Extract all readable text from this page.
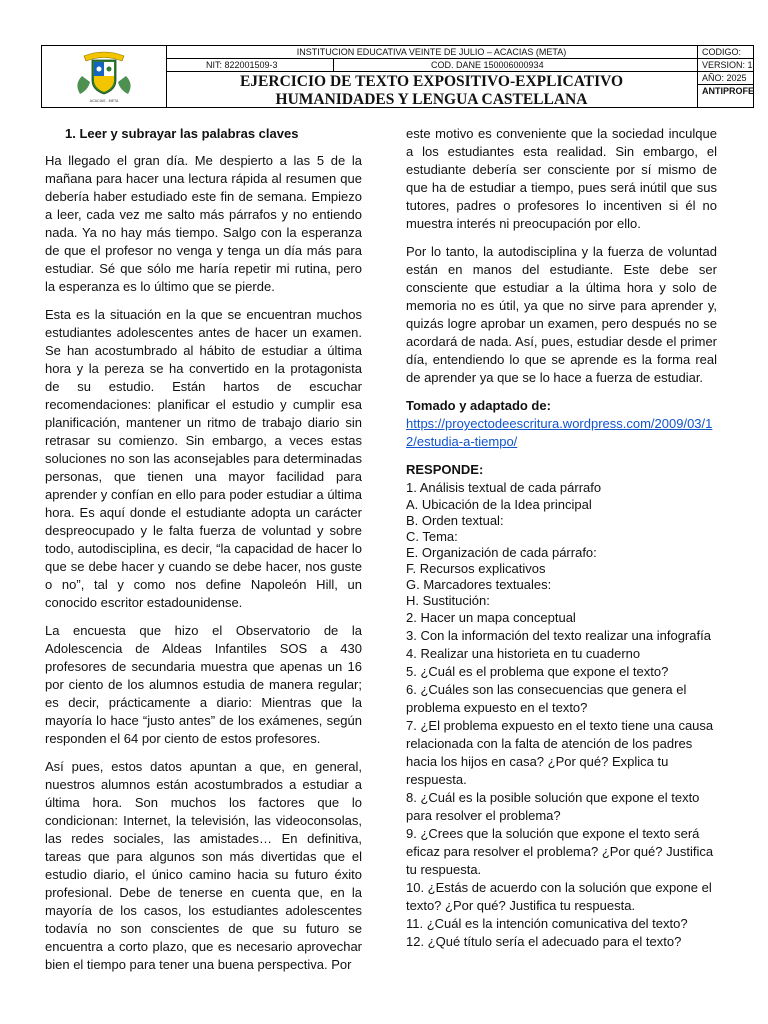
ACACIAS - META
INSTITUCION EDUCATIVA VEINTE DE JULIO – ACACIAS (META)
NIT: 822001509-3	COD. DANE 150006000934
EJERCICIO DE TEXTO EXPOSITIVO-EXPLICATIVO
HUMANIDADES Y LENGUA CASTELLANA
CODIGO:
VERSION: 1
AÑO: 2025
ANTIPROFE
1. Leer y subrayar las palabras claves

Ha llegado el gran día. Me despierto a las 5 de la mañana para hacer una lectura rápida al resumen que debería haber estudiado este fin de semana. Empiezo a leer, cada vez me salto más párrafos y no entiendo nada. Ya no hay más tiempo. Salgo con la esperanza de que el profesor no venga y tenga un día más para estudiar. Sé que sólo me haría repetir mi rutina, pero la esperanza es lo último que se pierde.

Esta es la situación en la que se encuentran muchos estudiantes adolescentes antes de hacer un examen. Se han acostumbrado al hábito de estudiar a última hora y la pereza se ha convertido en la protagonista de su estudio. Están hartos de escuchar recomendaciones: planificar el estudio y cumplir esa planificación, mantener un ritmo de trabajo diario sin retrasar su comienzo. Sin embargo, a veces estas soluciones no son las aconsejables para determinadas personas, que tienen una mayor facilidad para aprender y confían en ello para poder estudiar a última hora. Es aquí donde el estudiante adopta un carácter despreocupado y le falta fuerza de voluntad y sobre todo, autodisciplina, es decir, “la capacidad de hacer lo que se debe hacer y cuando se debe hacer, nos guste o no”, tal y como nos define Napoleón Hill, un conocido escritor estadounidense.

La encuesta que hizo el Observatorio de la Adolescencia de Aldeas Infantiles SOS a 430 profesores de secundaria muestra que apenas un 16 por ciento de los alumnos estudia de manera regular; es decir, prácticamente a diario: Mientras que la mayoría lo hace “justo antes” de los exámenes, según responden el 64 por ciento de estos profesores.

Así pues, estos datos apuntan a que, en general, nuestros alumnos están acostumbrados a estudiar a última hora. Son muchos los factores que lo condicionan: Internet, la televisión, las videoconsolas, las redes sociales, las amistades… En definitiva, tareas que para algunos son más divertidas que el estudio diario, el único camino hacia su futuro éxito profesional. Debe de tenerse en cuenta que, en la mayoría de los casos, los estudiantes adolescentes todavía no son conscientes de que su futuro se encuentra a corto plazo, que es necesario aprovechar bien el tiempo para tener una buena perspectiva. Por

este motivo es conveniente que la sociedad inculque a los estudiantes esta realidad. Sin embargo, el estudiante debería ser consciente por sí mismo de que ha de estudiar a tiempo, pues será inútil que sus tutores, padres o profesores lo incentiven si él no muestra interés ni preocupación por ello.

Por lo tanto, la autodisciplina y la fuerza de voluntad están en manos del estudiante. Este debe ser consciente que estudiar a la última hora y solo de memoria no es útil, ya que no sirve para aprender y, quizás logre aprobar un examen, pero después no se acordará de nada. Así, pues, estudiar desde el primer día, entendiendo lo que se aprende es la forma real de aprender ya que se lo hace a fuerza de estudiar.

Tomado y adaptado de:
https://proyectodeescritura.wordpress.com/2009/03/12/estudia-a-tiempo/
RESPONDE:
1. Análisis textual de cada párrafo
A. Ubicación de la Idea principal
B. Orden textual:
C. Tema:
E. Organización de cada párrafo:
F. Recursos explicativos
G. Marcadores textuales:
H. Sustitución:
2. Hacer un mapa conceptual
3. Con la información del texto realizar una infografía
4. Realizar una historieta en tu cuaderno
5. ¿Cuál es el problema que expone el texto?
6. ¿Cuáles son las consecuencias que genera el problema expuesto en el texto?
7. ¿El problema expuesto en el texto tiene una causa relacionada con la falta de atención de los padres hacia los hijos en casa? ¿Por qué? Explica tu respuesta.
8. ¿Cuál es la posible solución que expone el texto para resolver el problema?
9. ¿Crees que la solución que expone el texto será eficaz para resolver el problema? ¿Por qué? Justifica tu respuesta.
10. ¿Estás de acuerdo con la solución que expone el texto? ¿Por qué? Justifica tu respuesta.
11. ¿Cuál es la intención comunicativa del texto?
12. ¿Qué título sería el adecuado para el texto?
